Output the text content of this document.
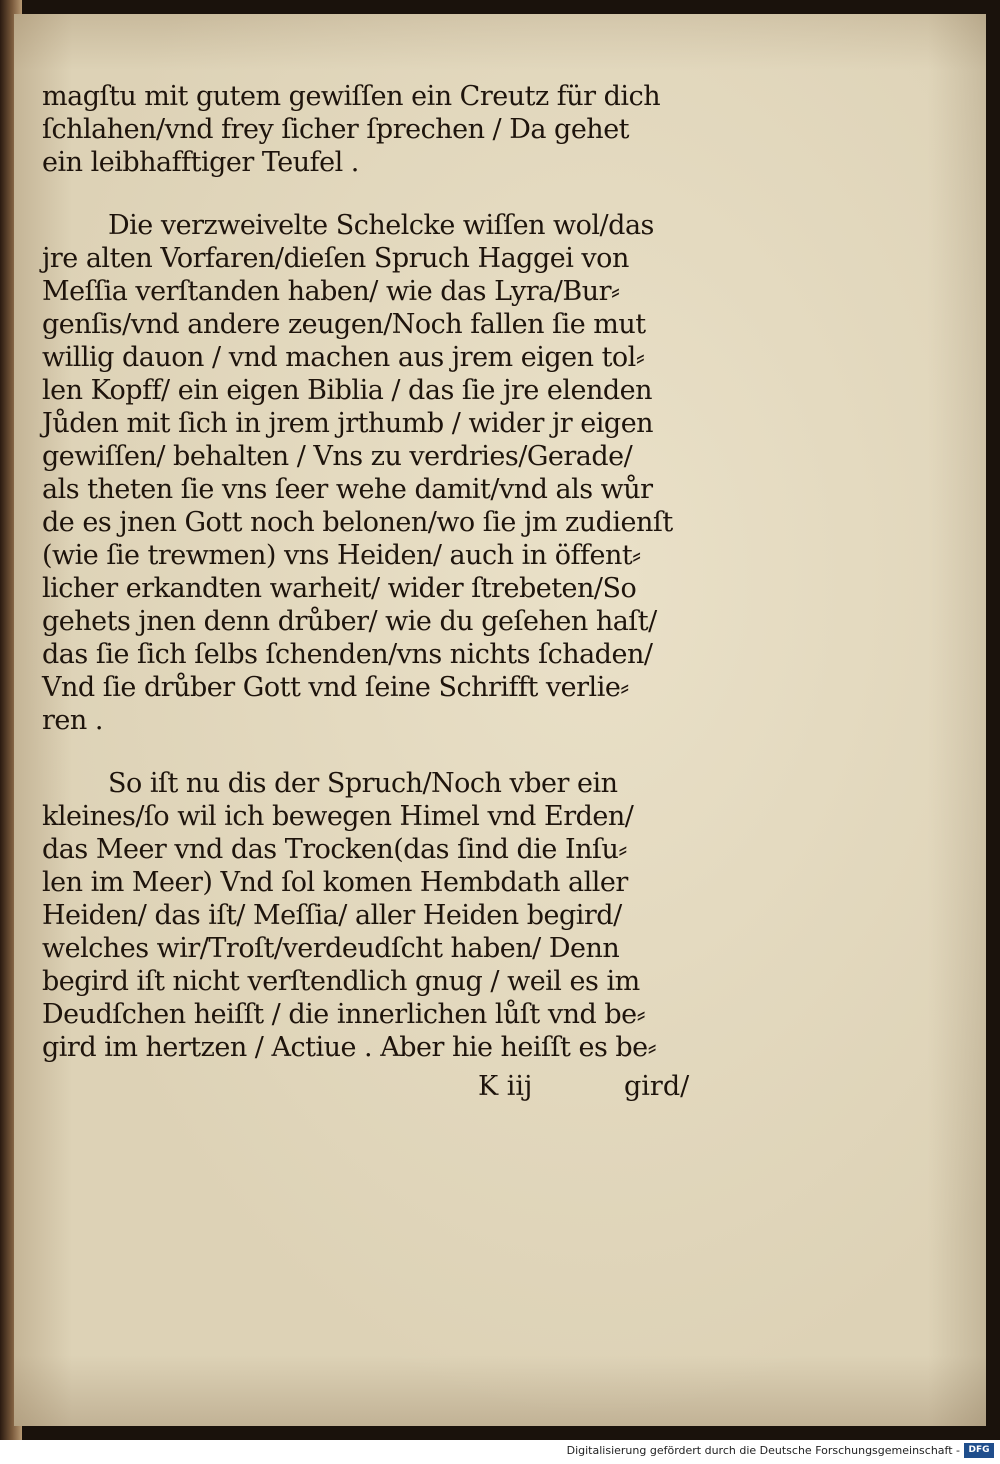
magſtu mit gutem gewiſſen ein Creutz für dich
ſchlahen/vnd frey ſicher ſprechen / Da gehet
ein leibhafftiger Teufel .
Die verzweivelte Schelcke wiſſen wol/das
jre alten Vorfaren/dieſen Spruch Haggei von
Meſſia verſtanden haben/ wie das Lyra/Bur⸗
genſis/vnd andere zeugen/Noch fallen ſie mut
willig dauon / vnd machen aus jrem eigen tol⸗
len Kopff/ ein eigen Biblia / das ſie jre elenden
Jůden mit ſich in jrem jrthumb / wider jr eigen
gewiſſen/ behalten / Vns zu verdries/Gerade/
als theten ſie vns ſeer wehe damit/vnd als wůr
de es jnen Gott noch belonen/wo ſie jm zudienſt
(wie ſie trewmen) vns Heiden/ auch in öffent⸗
licher erkandten warheit/ wider ſtrebeten/So
gehets jnen denn drůber/ wie du geſehen haſt/
das ſie ſich ſelbs ſchenden/vns nichts ſchaden/
Vnd ſie drůber Gott vnd ſeine Schrifft verlie⸗
ren .
So iſt nu dis der Spruch/Noch vber ein
kleines/ſo wil ich bewegen Himel vnd Erden/
das Meer vnd das Trocken(das ſind die Inſu⸗
len im Meer) Vnd ſol komen Hembdath aller
Heiden/ das iſt/ Meſſia/ aller Heiden begird/
welches wir/Troſt/verdeudſcht haben/ Denn
begird iſt nicht verſtendlich gnug / weil es im
Deudſchen heiſſt / die innerlichen lůſt vnd be⸗
gird im hertzen / Actiue . Aber hie heiſſt es be⸗
K iij	gird/
Digitalisierung gefördert durch die Deutsche Forschungsgemeinschaft - DFG
